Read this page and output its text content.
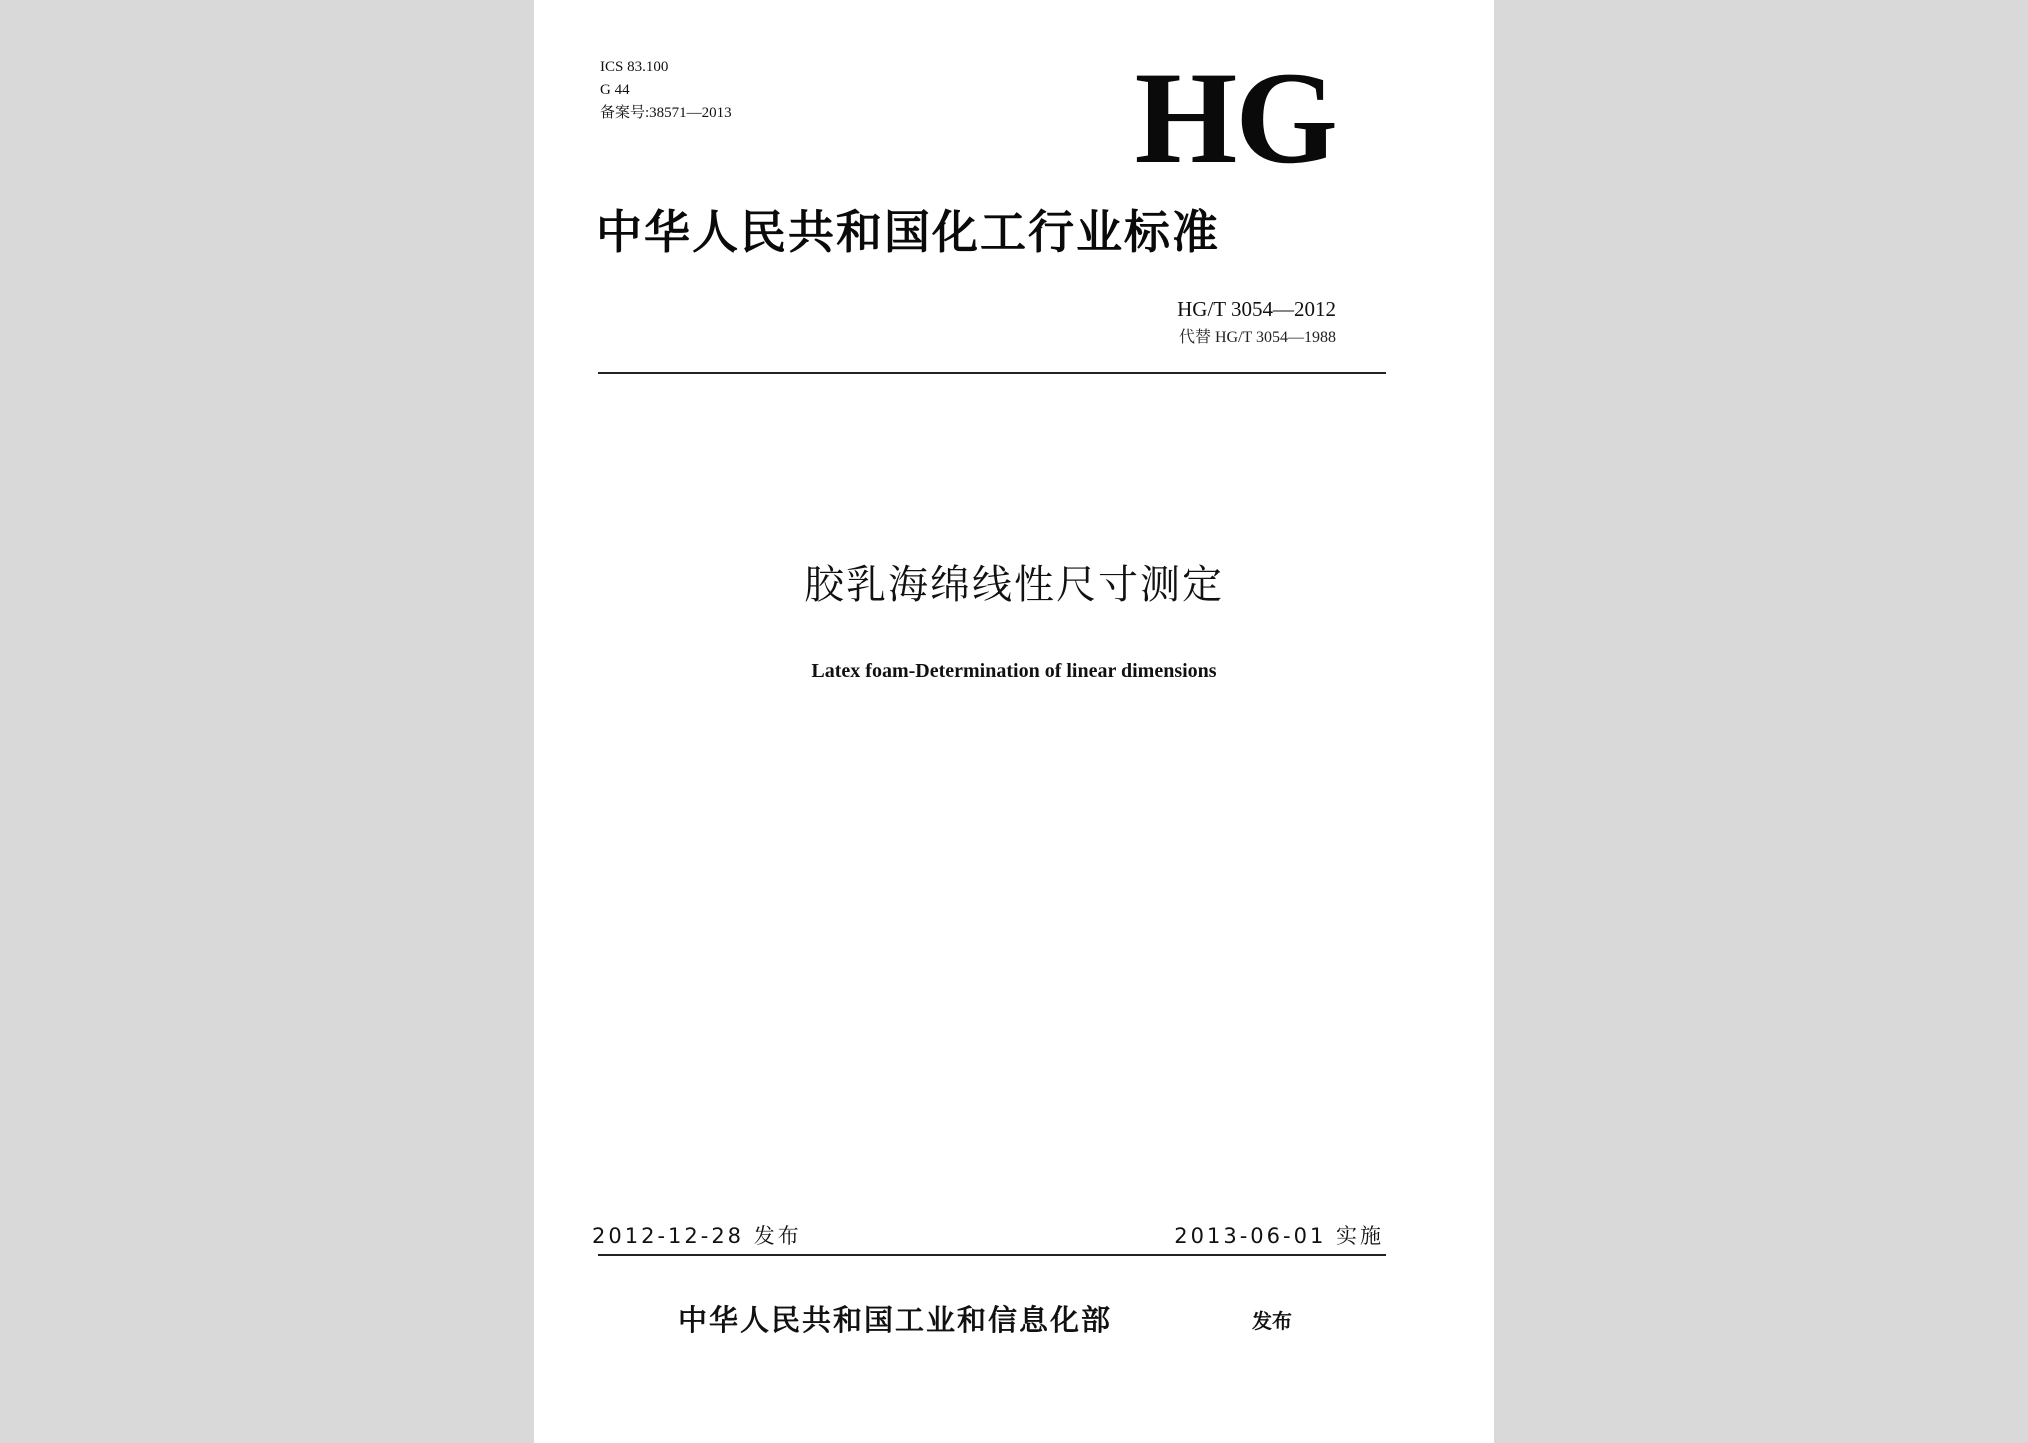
ICS 83.100
G 44
备案号:38571—2013	HG
中华人民共和国化工行业标准
HG/T 3054—2012
代替 HG/T 3054—1988
胶乳海绵线性尺寸测定
Latex foam-Determination of linear dimensions
2012-12-28 发布	2013-06-01 实施
中华人民共和国工业和信息化部	发布
